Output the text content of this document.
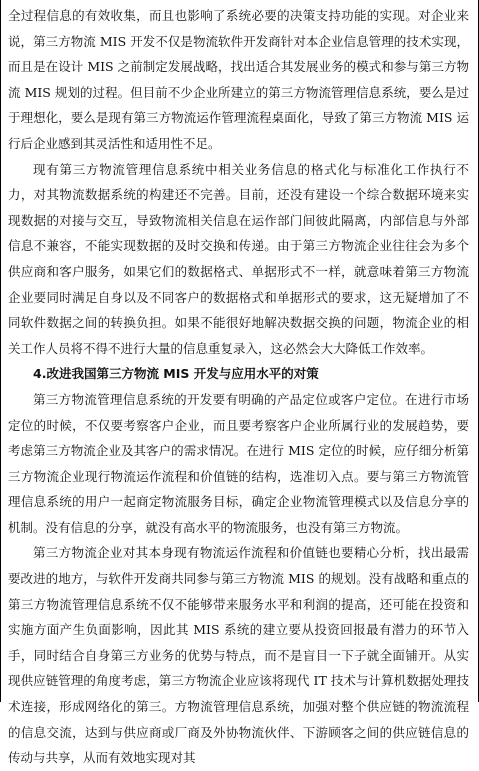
全过程信息的有效收集，而且也影响了系统必要的决策支持功能的实现。对企业来说，第三方物流 MIS 开发不仅是物流软件开发商针对本企业信息管理的技术实现，而且是在设计 MIS 之前制定发展战略，找出适合其发展业务的模式和参与第三方物流 MIS 规划的过程。但目前不少企业所建立的第三方物流管理信息系统，要么是过于理想化，要么是现有第三方物流运作管理流程桌面化，导致了第三方物流 MIS 运行后企业感到其灵活性和适用性不足。

现有第三方物流管理信息系统中相关业务信息的格式化与标准化工作执行不力，对其物流数据系统的构建还不完善。目前，还没有建设一个综合数据环境来实现数据的对接与交互，导致物流相关信息在运作部门间彼此隔离，内部信息与外部信息不兼容，不能实现数据的及时交换和传递。由于第三方物流企业往往会为多个供应商和客户服务，如果它们的数据格式、单据形式不一样，就意味着第三方物流企业要同时满足自身以及不同客户的数据格式和单据形式的要求，这无疑增加了不同软件数据之间的转换负担。如果不能很好地解决数据交换的问题，物流企业的相关工作人员将不得不进行大量的信息重复录入，这必然会大大降低工作效率。

4.改进我国第三方物流 MIS 开发与应用水平的对策

第三方物流管理信息系统的开发要有明确的产品定位或客户定位。在进行市场定位的时候，不仅要考察客户企业，而且要考察客户企业所属行业的发展趋势，要考虑第三方物流企业及其客户的需求情况。在进行 MIS 定位的时候，应仔细分析第三方物流企业现行物流运作流程和价值链的结构，选准切入点。要与第三方物流管理信息系统的用户一起商定物流服务目标，确定企业物流管理模式以及信息分享的机制。没有信息的分享，就没有高水平的物流服务，也没有第三方物流。

第三方物流企业对其本身现有物流运作流程和价值链也要精心分析，找出最需要改进的地方，与软件开发商共同参与第三方物流 MIS 的规划。没有战略和重点的第三方物流管理信息系统不仅不能够带来服务水平和利润的提高，还可能在投资和实施方面产生负面影响，因此其 MIS 系统的建立要从投资回报最有潜力的环节入手，同时结合自身第三方业务的优势与特点，而不是盲目一下子就全面铺开。从实现供应链管理的角度考虑，第三方物流企业应该将现代 IT 技术与计算机数据处理技术连接，形成网络化的第三。方物流管理信息系统，加强对整个供应链的物流流程的信息交流，达到与供应商或厂商及外协物流伙伴、下游顾客之间的供应链信息的传动与共享，从而有效地实现对其
